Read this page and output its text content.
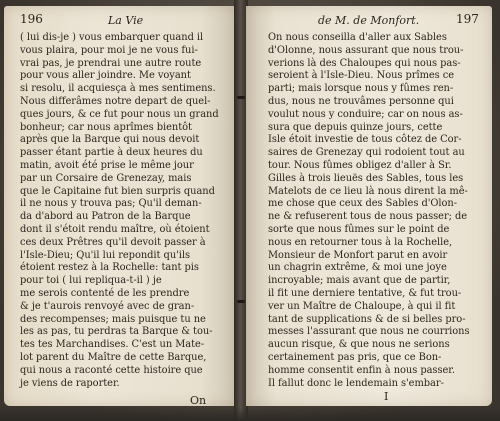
196	La Vie
( lui dis-je ) vous embarquer quand il
vous plaira, pour moi je ne vous fui-
vrai pas, je prendrai une autre route
pour vous aller joindre. Me voyant
si resolu, il acquiesça à mes sentimens.
Nous differâmes notre depart de quel-
ques jours, & ce fut pour nous un grand
bonheur; car nous aprîmes bientôt
après que la Barque qui nous devoit
passer étant partie à deux heures du
matin, avoit été prise le même jour
par un Corsaire de Grenezay, mais
que le Capitaine fut bien surpris quand
il ne nous y trouva pas; Qu'il deman-
da d'abord au Patron de la Barque
dont il s'étoit rendu maître, où étoient
ces deux Prêtres qu'il devoit passer à
l'Isle-Dieu; Qu'il lui repondit qu'ils
étoient restez à la Rochelle: tant pis
pour toi ( lui repliqua-t-il ) je
me serois contenté de les prendre
& je t'aurois renvoyé avec de gran-
des recompenses; mais puisque tu ne
les as pas, tu perdras ta Barque & tou-
tes tes Marchandises. C'est un Mate-
lot parent du Maître de cette Barque,
qui nous a raconté cette histoire que
je viens de raporter.
On
de M. de Monfort.	197
On nous conseilla d'aller aux Sables
d'Olonne, nous assurant que nous trou-
verions là des Chaloupes qui nous pas-
seroient à l'Isle-Dieu. Nous prîmes ce
parti; mais lorsque nous y fûmes ren-
dus, nous ne trouvâmes personne qui
voulut nous y conduire; car on nous as-
sura que depuis quinze jours, cette
Isle étoit investie de tous côtez de Cor-
saires de Grenezay qui rodoient tout au
tour. Nous fûmes obligez d'aller à Sr.
Gilles à trois lieuës des Sables, tous les
Matelots de ce lieu là nous dirent la mê-
me chose que ceux des Sables d'Olon-
ne & refuserent tous de nous passer; de
sorte que nous fûmes sur le point de
nous en retourner tous à la Rochelle,
Monsieur de Monfort parut en avoir
un chagrin extrême, & moi une joye
incroyable; mais avant que de partir,
il fit une derniere tentative, & fut trou-
ver un Maître de Chaloupe, à qui il fit
tant de supplications & de si belles pro-
messes l'assurant que nous ne courrions
aucun risque, & que nous ne serions
certainement pas pris, que ce Bon-
homme consentit enfin à nous passer.
Il fallut donc le lendemain s'embar-
I
